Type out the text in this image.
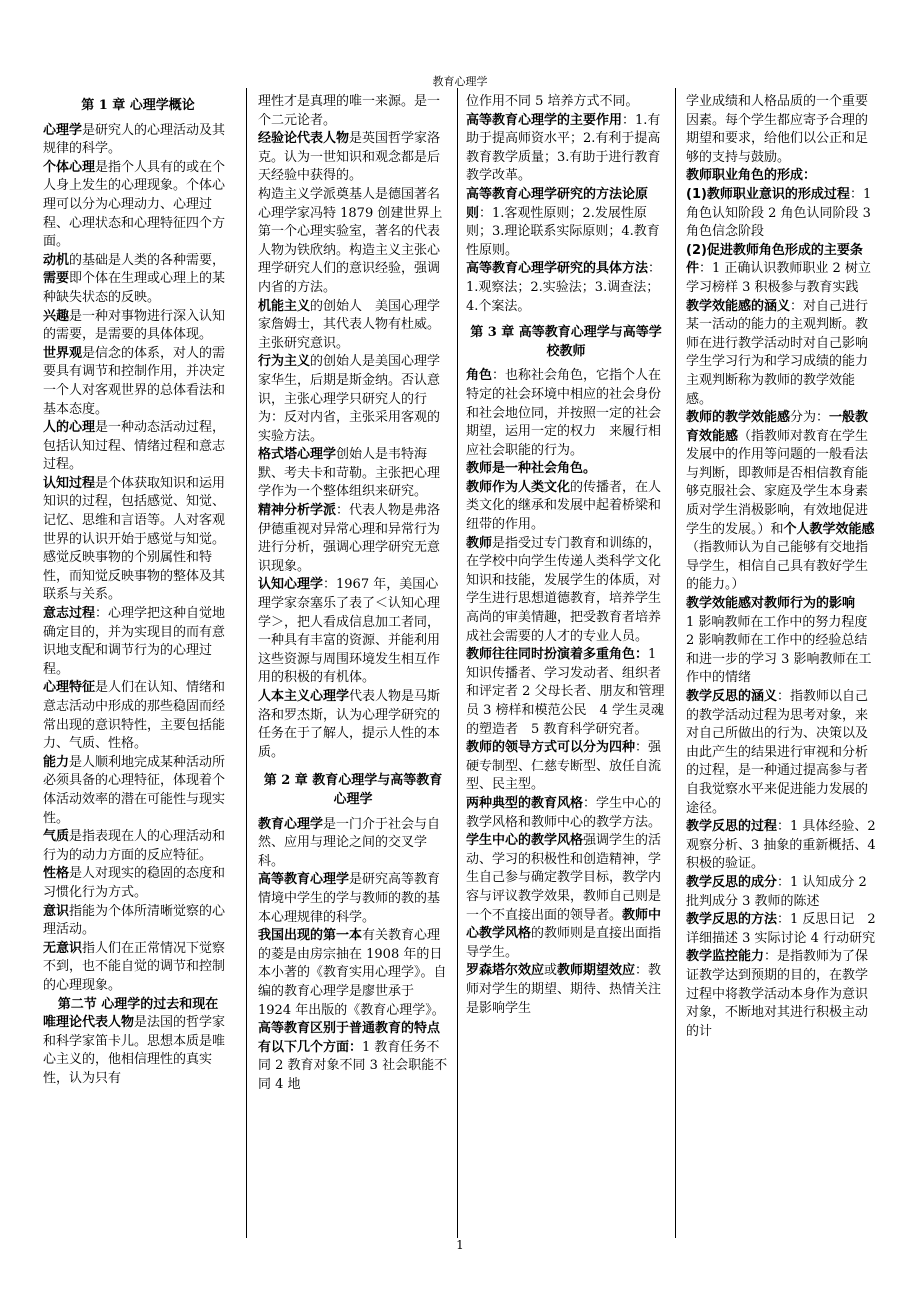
教育心理学
第 1 章 心理学概论

心理学是研究人的心理活动及其规律的科学。

个体心理是指个人具有的或在个人身上发生的心理现象。个体心理可以分为心理动力、心理过程、心理状态和心理特征四个方面。

动机的基础是人类的各种需要，需要即个体在生理或心理上的某种缺失状态的反映。

兴趣是一种对事物进行深入认知的需要，是需要的具体体现。

世界观是信念的体系，对人的需要具有调节和控制作用，并决定一个人对客观世界的总体看法和基本态度。

人的心理是一种动态活动过程，包括认知过程、情绪过程和意志过程。

认知过程是个体获取知识和运用知识的过程，包括感觉、知觉、记忆、思维和言语等。人对客观世界的认识开始于感觉与知觉。感觉反映事物的个别属性和特性，而知觉反映事物的整体及其联系与关系。

意志过程：心理学把这种自觉地确定目的，并为实现目的而有意识地支配和调节行为的心理过程。

心理特征是人们在认知、情绪和意志活动中形成的那些稳固而经常出现的意识特性，主要包括能力、气质、性格。

能力是人顺利地完成某种活动所必须具备的心理特征，体现着个体活动效率的潜在可能性与现实性。

气质是指表现在人的心理活动和行为的动力方面的反应特征。

性格是人对现实的稳固的态度和习惯化行为方式。

意识指能为个体所清晰觉察的心理活动。

无意识指人们在正常情况下觉察不到，也不能自觉的调节和控制的心理现象。

第二节 心理学的过去和现在

唯理论代表人物是法国的哲学家和科学家笛卡儿。思想本质是唯心主义的，他相信理性的真实性，认为只有

理性才是真理的唯一来源。是一个二元论者。

经验论代表人物是英国哲学家洛克。认为一世知识和观念都是后天经验中获得的。

构造主义学派奠基人是德国著名心理学家冯特 1879 创建世界上第一个心理实验室，著名的代表人物为铁欣纳。构造主义主张心理学研究人们的意识经验，强调内省的方法。

机能主义的创始人　美国心理学家詹姆士，其代表人物有杜威。主张研究意识。

行为主义的创始人是美国心理学家华生，后期是斯金纳。否认意识，主张心理学只研究人的行为：反对内省，主张采用客观的实验方法。

格式塔心理学创始人是韦特海默、考夫卡和苛勒。主张把心理学作为一个整体组织来研究。

精神分析学派：代表人物是弗洛伊德重视对异常心理和异常行为进行分析，强调心理学研究无意识现象。

认知心理学：1967 年，美国心理学家奈塞乐了表了＜认知心理学＞，把人看成信息加工者同，一种具有丰富的资源、并能利用这些资源与周围环境发生相互作用的积极的有机体。

人本主义心理学代表人物是马斯洛和罗杰斯，认为心理学研究的任务在于了解人，提示人性的本质。

第 2 章 教育心理学与高等教育心理学

教育心理学是一门介于社会与自然、应用与理论之间的交叉学科。

高等教育心理学是研究高等教育情境中学生的学与教师的教的基本心理规律的科学。

我国出现的第一本有关教育心理的菱是由房宗抽在 1908 年的日本小著的《教育实用心理学》。自编的教育心理学是廖世承于 1924 年出版的《教育心理学》。

高等教育区别于普通教育的特点有以下几个方面：1 教育任务不同 2 教育对象不同 3 社会职能不同 4 地

位作用不同 5 培养方式不同。

高等教育心理学的主要作用：1.有助于提高师资水平；2.有利于提高教育教学质量；3.有助于进行教育教学改革。

高等教育心理学研究的方法论原则：1.客观性原则；2.发展性原则；3.理论联系实际原则；4.教育性原则。

高等教育心理学研究的具体方法：1.观察法；2.实验法；3.调查法；4.个案法。

第 3 章 高等教育心理学与高等学校教师

角色：也称社会角色，它指个人在特定的社会环境中相应的社会身份和社会地位同，并按照一定的社会期望，运用一定的权力　来履行相应社会职能的行为。

教师是一种社会角色。

教师作为人类文化的传播者，在人类文化的继承和发展中起着桥梁和纽带的作用。

教师是指受过专门教育和训练的，在学校中向学生传递人类科学文化知识和技能，发展学生的体质，对学生进行思想道德教育，培养学生高尚的审美情趣，把受教育者培养成社会需要的人才的专业人员。

教师往往同时扮演着多重角色：1 知识传播者、学习发动者、组织者和评定者 2 父母长者、朋友和管理员 3 榜样和模范公民　4 学生灵魂的塑造者　5 教育科学研究者。

教师的领导方式可以分为四种：强硬专制型、仁慈专断型、放任自流型、民主型。

两种典型的教育风格：学生中心的教学风格和教师中心的教学方法。学生中心的教学风格强调学生的活动、学习的积极性和创造精神，学生自己参与确定教学目标，教学内容与评议教学效果，教师自己则是一个不直接出面的领导者。教师中心教学风格的教师则是直接出面指导学生。

罗森塔尔效应或教师期望效应：教师对学生的期望、期待、热情关注是影响学生

学业成绩和人格品质的一个重要因素。每个学生都应寄予合理的期望和要求，给他们以公正和足够的支持与鼓励。

教师职业角色的形成：

(1)教师职业意识的形成过程：1 角色认知阶段 2 角色认同阶段 3 角色信念阶段

(2)促进教师角色形成的主要条件：1 正确认识教师职业 2 树立学习榜样 3 积极参与教育实践

教学效能感的涵义：对自己进行某一活动的能力的主观判断。教师在进行教学活动时对自己影响学生学习行为和学习成绩的能力主观判断称为教师的教学效能感。

教师的教学效能感分为：一般教育效能感（指教师对教育在学生发展中的作用等问题的一般看法与判断，即教师是否相信教育能够克服社会、家庭及学生本身素质对学生消极影响，有效地促进学生的发展。）和个人教学效能感（指教师认为自己能够有交地指导学生，相信自己具有教好学生的能力。）

教学效能感对教师行为的影响　1 影响教师在工作中的努力程度 2 影响教师在工作中的经验总结和进一步的学习 3 影响教师在工作中的情绪

教学反思的涵义：指教师以自己的教学活动过程为思考对象，来对自己所做出的行为、决策以及由此产生的结果进行审视和分析的过程，是一种通过提高参与者自我觉察水平来促进能力发展的途径。

教学反思的过程：1 具体经验、2 观察分析、3 抽象的重新概括、4 积极的验证。

教学反思的成分：1 认知成分 2 批判成分 3 教师的陈述

教学反思的方法：1 反思日记　2 详细描述 3 实际讨论 4 行动研究

教学监控能力：是指教师为了保证教学达到预期的目的，在教学过程中将教学活动本身作为意识对象，不断地对其进行积极主动的计

1
